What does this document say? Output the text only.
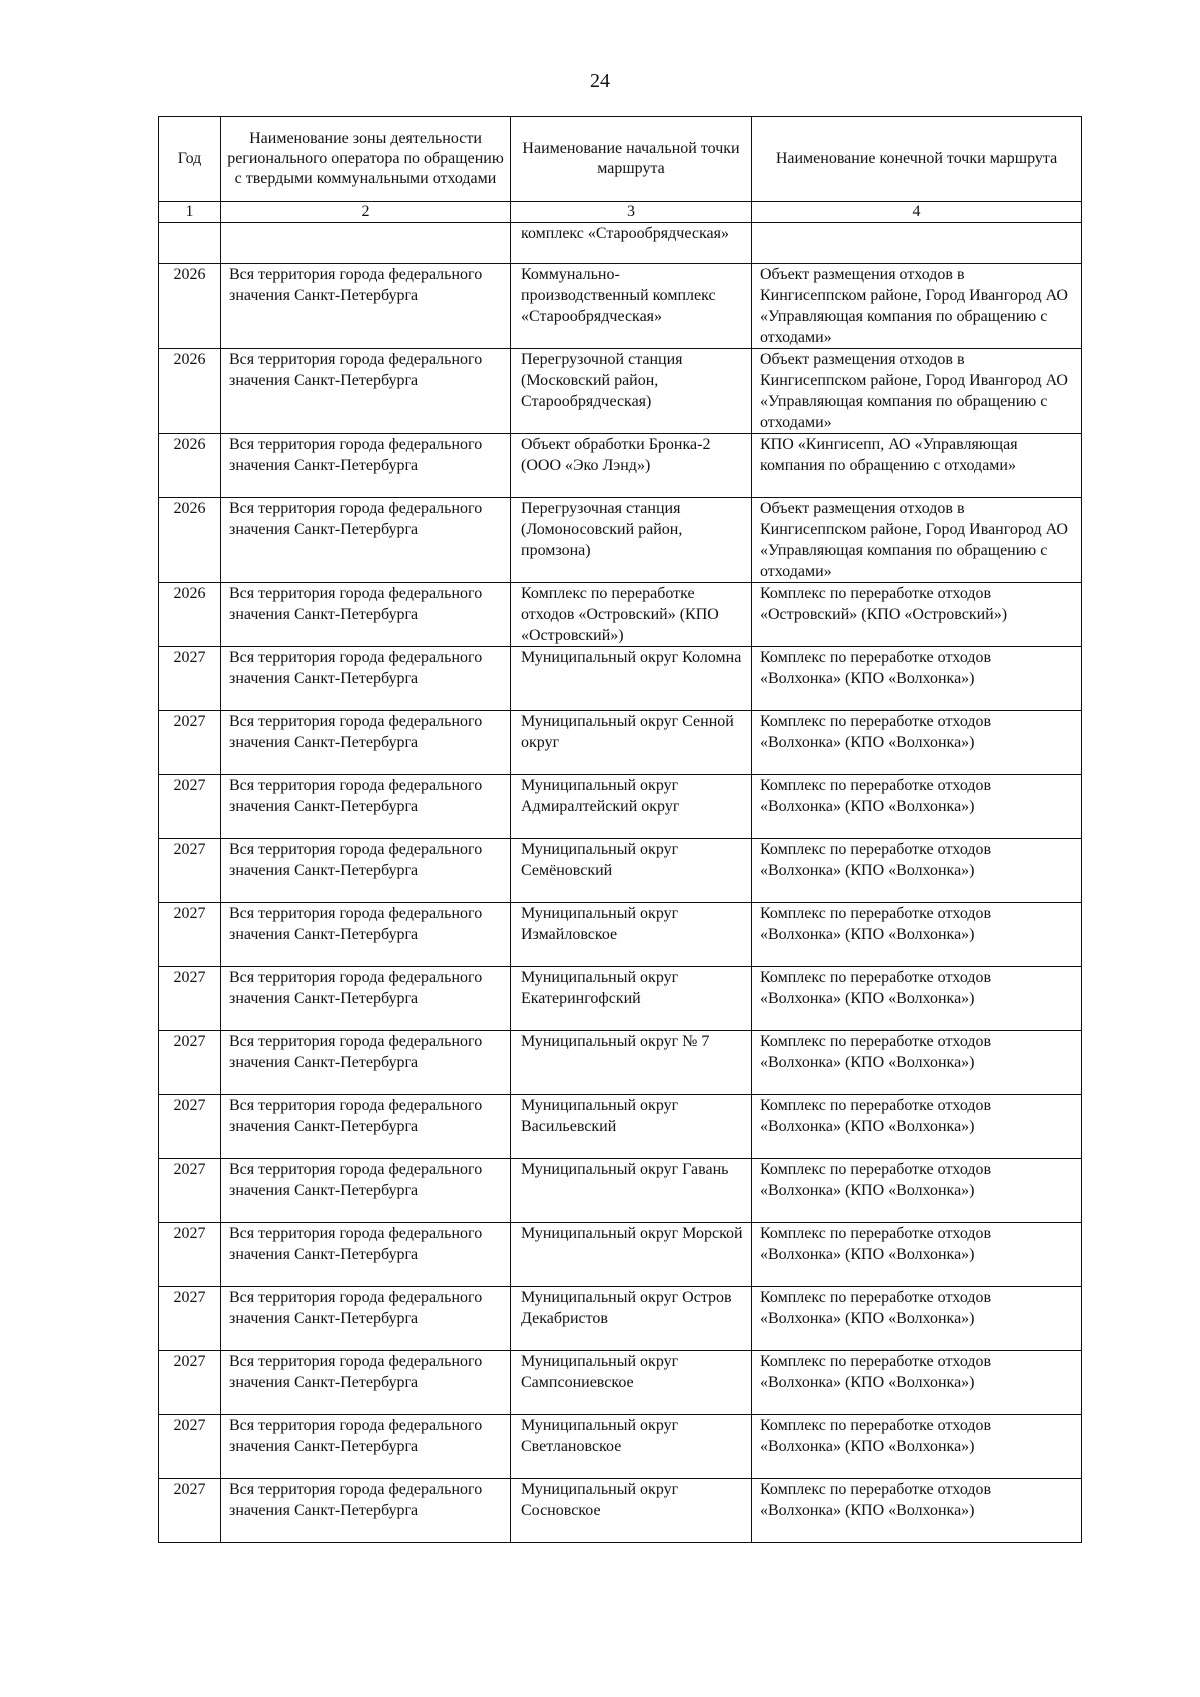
24
Год	Наименование зоны деятельности регионального оператора по обращению с твердыми коммунальными отходами	Наименование начальной точки маршрута	Наименование конечной точки маршрута
1	2	3	4
		комплекс «Старообрядческая»	
2026	Вся территория города федерального значения Санкт-Петербурга	Коммунально-производственный комплекс «Старообрядческая»	Объект размещения отходов в Кингисеппском районе, Город Ивангород АО «Управляющая компания по обращению с отходами»
2026	Вся территория города федерального значения Санкт-Петербурга	Перегрузочной станция (Московский район, Старообрядческая)	Объект размещения отходов в Кингисеппском районе, Город Ивангород АО «Управляющая компания по обращению с отходами»
2026	Вся территория города федерального значения Санкт-Петербурга	Объект обработки Бронка-2 (ООО «Эко Лэнд»)	КПО «Кингисепп, АО «Управляющая компания по обращению с отходами»
2026	Вся территория города федерального значения Санкт-Петербурга	Перегрузочная станция (Ломоносовский район, промзона)	Объект размещения отходов в Кингисеппском районе, Город Ивангород АО «Управляющая компания по обращению с отходами»
2026	Вся территория города федерального значения Санкт-Петербурга	Комплекс по переработке отходов «Островский» (КПО «Островский»)	Комплекс по переработке отходов «Островский» (КПО «Островский»)
2027	Вся территория города федерального значения Санкт-Петербурга	Муниципальный округ Коломна	Комплекс по переработке отходов «Волхонка» (КПО «Волхонка»)
2027	Вся территория города федерального значения Санкт-Петербурга	Муниципальный округ Сенной округ	Комплекс по переработке отходов «Волхонка» (КПО «Волхонка»)
2027	Вся территория города федерального значения Санкт-Петербурга	Муниципальный округ Адмиралтейский округ	Комплекс по переработке отходов «Волхонка» (КПО «Волхонка»)
2027	Вся территория города федерального значения Санкт-Петербурга	Муниципальный округ Семёновский	Комплекс по переработке отходов «Волхонка» (КПО «Волхонка»)
2027	Вся территория города федерального значения Санкт-Петербурга	Муниципальный округ Измайловское	Комплекс по переработке отходов «Волхонка» (КПО «Волхонка»)
2027	Вся территория города федерального значения Санкт-Петербурга	Муниципальный округ Екатерингофский	Комплекс по переработке отходов «Волхонка» (КПО «Волхонка»)
2027	Вся территория города федерального значения Санкт-Петербурга	Муниципальный округ № 7	Комплекс по переработке отходов «Волхонка» (КПО «Волхонка»)
2027	Вся территория города федерального значения Санкт-Петербурга	Муниципальный округ Васильевский	Комплекс по переработке отходов «Волхонка» (КПО «Волхонка»)
2027	Вся территория города федерального значения Санкт-Петербурга	Муниципальный округ Гавань	Комплекс по переработке отходов «Волхонка» (КПО «Волхонка»)
2027	Вся территория города федерального значения Санкт-Петербурга	Муниципальный округ Морской	Комплекс по переработке отходов «Волхонка» (КПО «Волхонка»)
2027	Вся территория города федерального значения Санкт-Петербурга	Муниципальный округ Остров Декабристов	Комплекс по переработке отходов «Волхонка» (КПО «Волхонка»)
2027	Вся территория города федерального значения Санкт-Петербурга	Муниципальный округ Сампсониевское	Комплекс по переработке отходов «Волхонка» (КПО «Волхонка»)
2027	Вся территория города федерального значения Санкт-Петербурга	Муниципальный округ Светлановское	Комплекс по переработке отходов «Волхонка» (КПО «Волхонка»)
2027	Вся территория города федерального значения Санкт-Петербурга	Муниципальный округ Сосновское	Комплекс по переработке отходов «Волхонка» (КПО «Волхонка»)
